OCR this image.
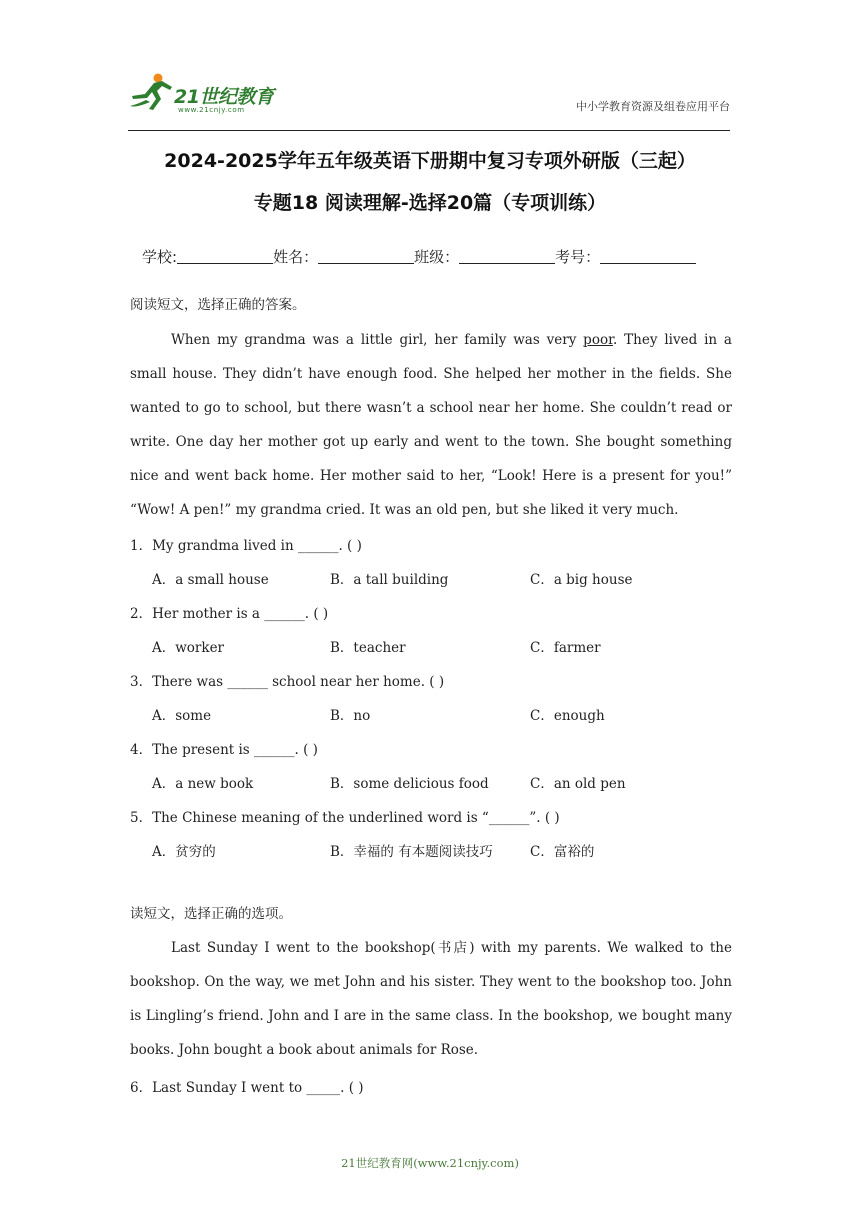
21世纪教育
www.21cnjy.com	中小学教育资源及组卷应用平台
2024-2025学年五年级英语下册期中复习专项外研版（三起）
专题18 阅读理解-选择20篇（专项训练）
学校:	姓名：	班级：	考号：
阅读短文，选择正确的答案。
When my grandma was a little girl, her family was very poor. They lived in a small house. They didn’t have enough food. She helped her mother in the fields. She wanted to go to school, but there wasn’t a school near her home. She couldn’t read or write. One day her mother got up early and went to the town. She bought something nice and went back home. Her mother said to her, “Look! Here is a present for you!” “Wow! A pen!” my grandma cried. It was an old pen, but she liked it very much.
1．My grandma lived in ______. ( )
A．a small house	B．a tall building	C．a big house
2．Her mother is a ______. ( )
A．worker	B．teacher	C．farmer
3．There was ______ school near her home. ( )
A．some	B．no	C．enough
4．The present is ______. ( )
A．a new book	B．some delicious food	C．an old pen
5．The Chinese meaning of the underlined word is “______”. ( )
A．贫穷的	B．幸福的 有本题阅读技巧	C．富裕的
读短文，选择正确的选项。
Last Sunday I went to the bookshop(书店) with my parents. We walked to the bookshop. On the way, we met John and his sister. They went to the bookshop too. John is Lingling’s friend. John and I are in the same class. In the bookshop, we bought many books. John bought a book about animals for Rose.
6．Last Sunday I went to _____. ( )
21世纪教育网(www.21cnjy.com)
